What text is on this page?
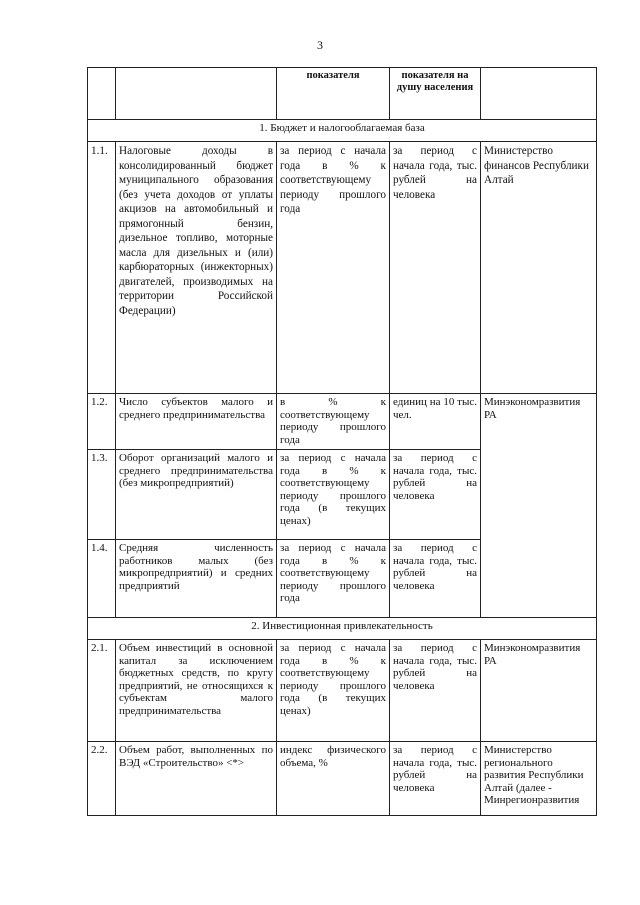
3
		показателя	показателя на душу населения	
1. Бюджет и налогооблагаемая база				
1.1.	Налоговые доходы в консолидированный бюджет муниципального образования (без учета доходов от уплаты акцизов на автомобильный и прямогонный бензин, дизельное топливо, моторные масла для дизельных и (или) карбюраторных (инжекторных) двигателей, производимых на территории Российской Федерации)	за период с начала года в % к соответствующему периоду прошлого года	за период с начала года, тыс. рублей на человека	Министерство финансов Республики Алтай
1.2.	Число субъектов малого и среднего предпринимательства	в % к соответствующему периоду прошлого года	единиц на 10 тыс. чел.	Минэкономразвития РА
1.3.	Оборот организаций малого и среднего предпринимательства (без микропредприятий)	за период с начала года в % к соответствующему периоду прошлого года (в текущих ценах)	за период с начала года, тыс. рублей на человека	
1.4.	Средняя численность работников малых (без микропредприятий) и средних предприятий	за период с начала года в % к соответствующему периоду прошлого года	за период с начала года, тыс. рублей на человека	
2. Инвестиционная привлекательность				
2.1.	Объем инвестиций в основной капитал за исключением бюджетных средств, по кругу предприятий, не относящихся к субъектам малого предпринимательства	за период с начала года в % к соответствующему периоду прошлого года (в текущих ценах)	за период с начала года, тыс. рублей на человека	Минэкономразвития РА
2.2.	Объем работ, выполненных по ВЭД «Строительство» <*>	индекс физического объема, %	за период с начала года, тыс. рублей на человека	Министерство регионального развития Республики Алтай (далее - Минрегионразвития
